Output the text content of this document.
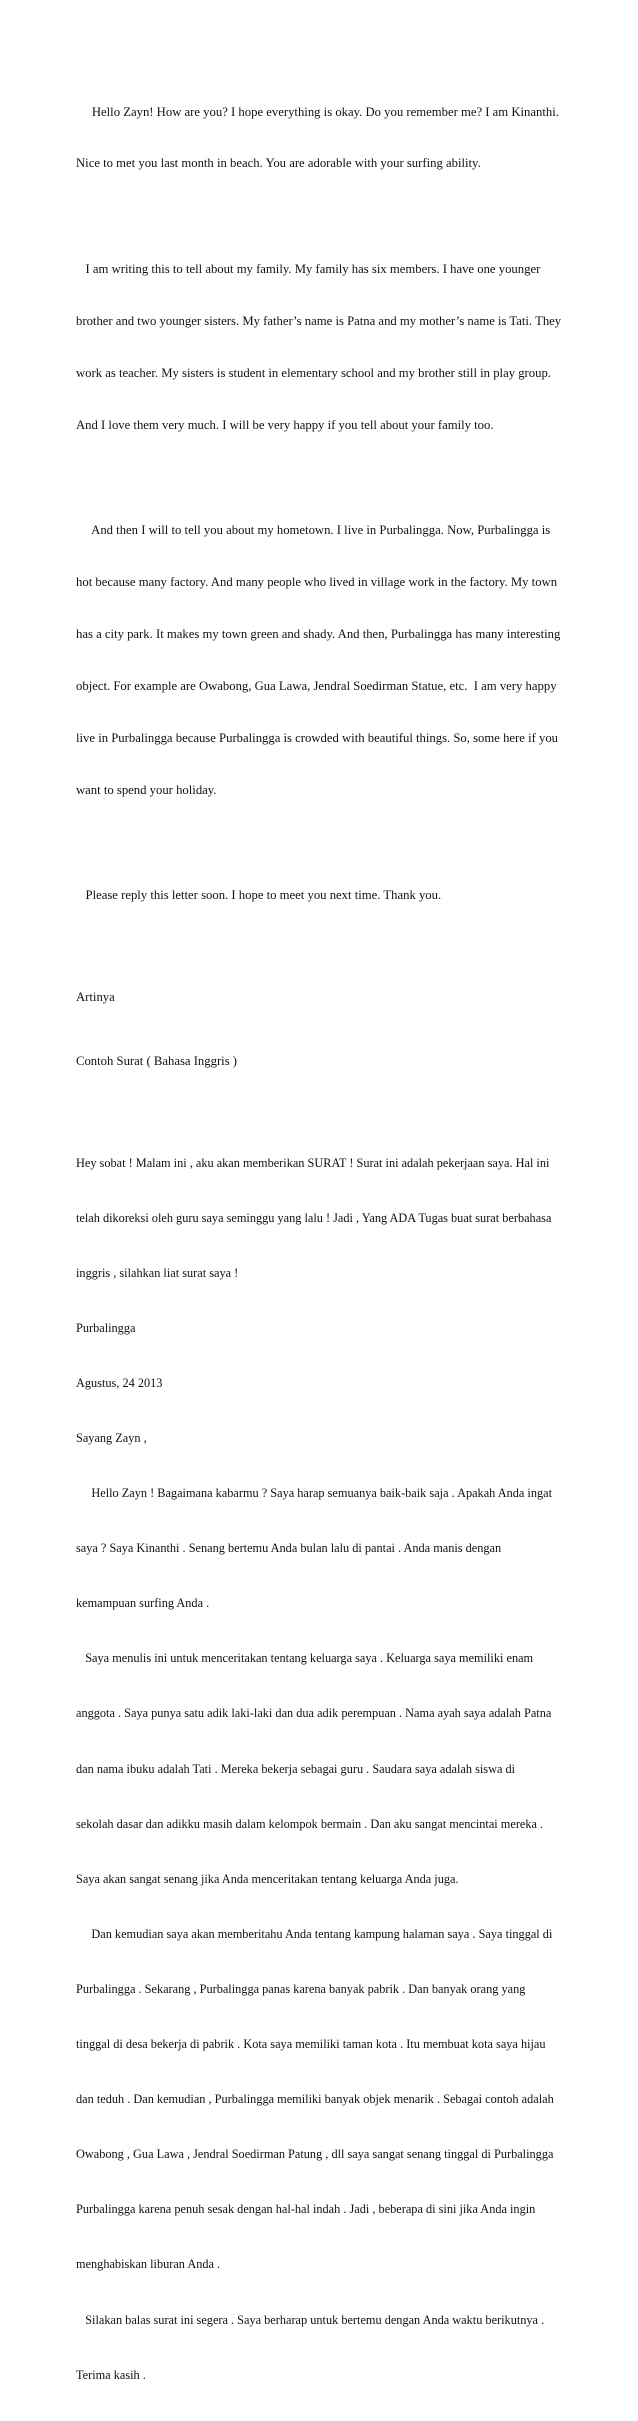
Hello Zayn! How are you? I hope everything is okay. Do you remember me? I am Kinanthi.

Nice to met you last month in beach. You are adorable with your surfing ability.

I am writing this to tell about my family. My family has six members. I have one younger

brother and two younger sisters. My father’s name is Patna and my mother’s name is Tati. They

work as teacher. My sisters is student in elementary school and my brother still in play group.

And I love them very much. I will be very happy if you tell about your family too.

And then I will to tell you about my hometown. I live in Purbalingga. Now, Purbalingga is

hot because many factory. And many people who lived in village work in the factory. My town

has a city park. It makes my town green and shady. And then, Purbalingga has many interesting

object. For example are Owabong, Gua Lawa, Jendral Soedirman Statue, etc.  I am very happy

live in Purbalingga because Purbalingga is crowded with beautiful things. So, some here if you

want to spend your holiday.

Please reply this letter soon. I hope to meet you next time. Thank you.

Artinya

Contoh Surat ( Bahasa Inggris )

Hey sobat ! Malam ini , aku akan memberikan SURAT ! Surat ini adalah pekerjaan saya. Hal ini

telah dikoreksi oleh guru saya seminggu yang lalu ! Jadi , Yang ADA Tugas buat surat berbahasa

inggris , silahkan liat surat saya !

Purbalingga

Agustus, 24 2013

Sayang Zayn ,

Hello Zayn ! Bagaimana kabarmu ? Saya harap semuanya baik-baik saja . Apakah Anda ingat

saya ? Saya Kinanthi . Senang bertemu Anda bulan lalu di pantai . Anda manis dengan

kemampuan surfing Anda .

Saya menulis ini untuk menceritakan tentang keluarga saya . Keluarga saya memiliki enam

anggota . Saya punya satu adik laki-laki dan dua adik perempuan . Nama ayah saya adalah Patna

dan nama ibuku adalah Tati . Mereka bekerja sebagai guru . Saudara saya adalah siswa di

sekolah dasar dan adikku masih dalam kelompok bermain . Dan aku sangat mencintai mereka .

Saya akan sangat senang jika Anda menceritakan tentang keluarga Anda juga.

Dan kemudian saya akan memberitahu Anda tentang kampung halaman saya . Saya tinggal di

Purbalingga . Sekarang , Purbalingga panas karena banyak pabrik . Dan banyak orang yang

tinggal di desa bekerja di pabrik . Kota saya memiliki taman kota . Itu membuat kota saya hijau

dan teduh . Dan kemudian , Purbalingga memiliki banyak objek menarik . Sebagai contoh adalah

Owabong , Gua Lawa , Jendral Soedirman Patung , dll saya sangat senang tinggal di Purbalingga

Purbalingga karena penuh sesak dengan hal-hal indah . Jadi , beberapa di sini jika Anda ingin

menghabiskan liburan Anda .

Silakan balas surat ini segera . Saya berharap untuk bertemu dengan Anda waktu berikutnya .

Terima kasih .
